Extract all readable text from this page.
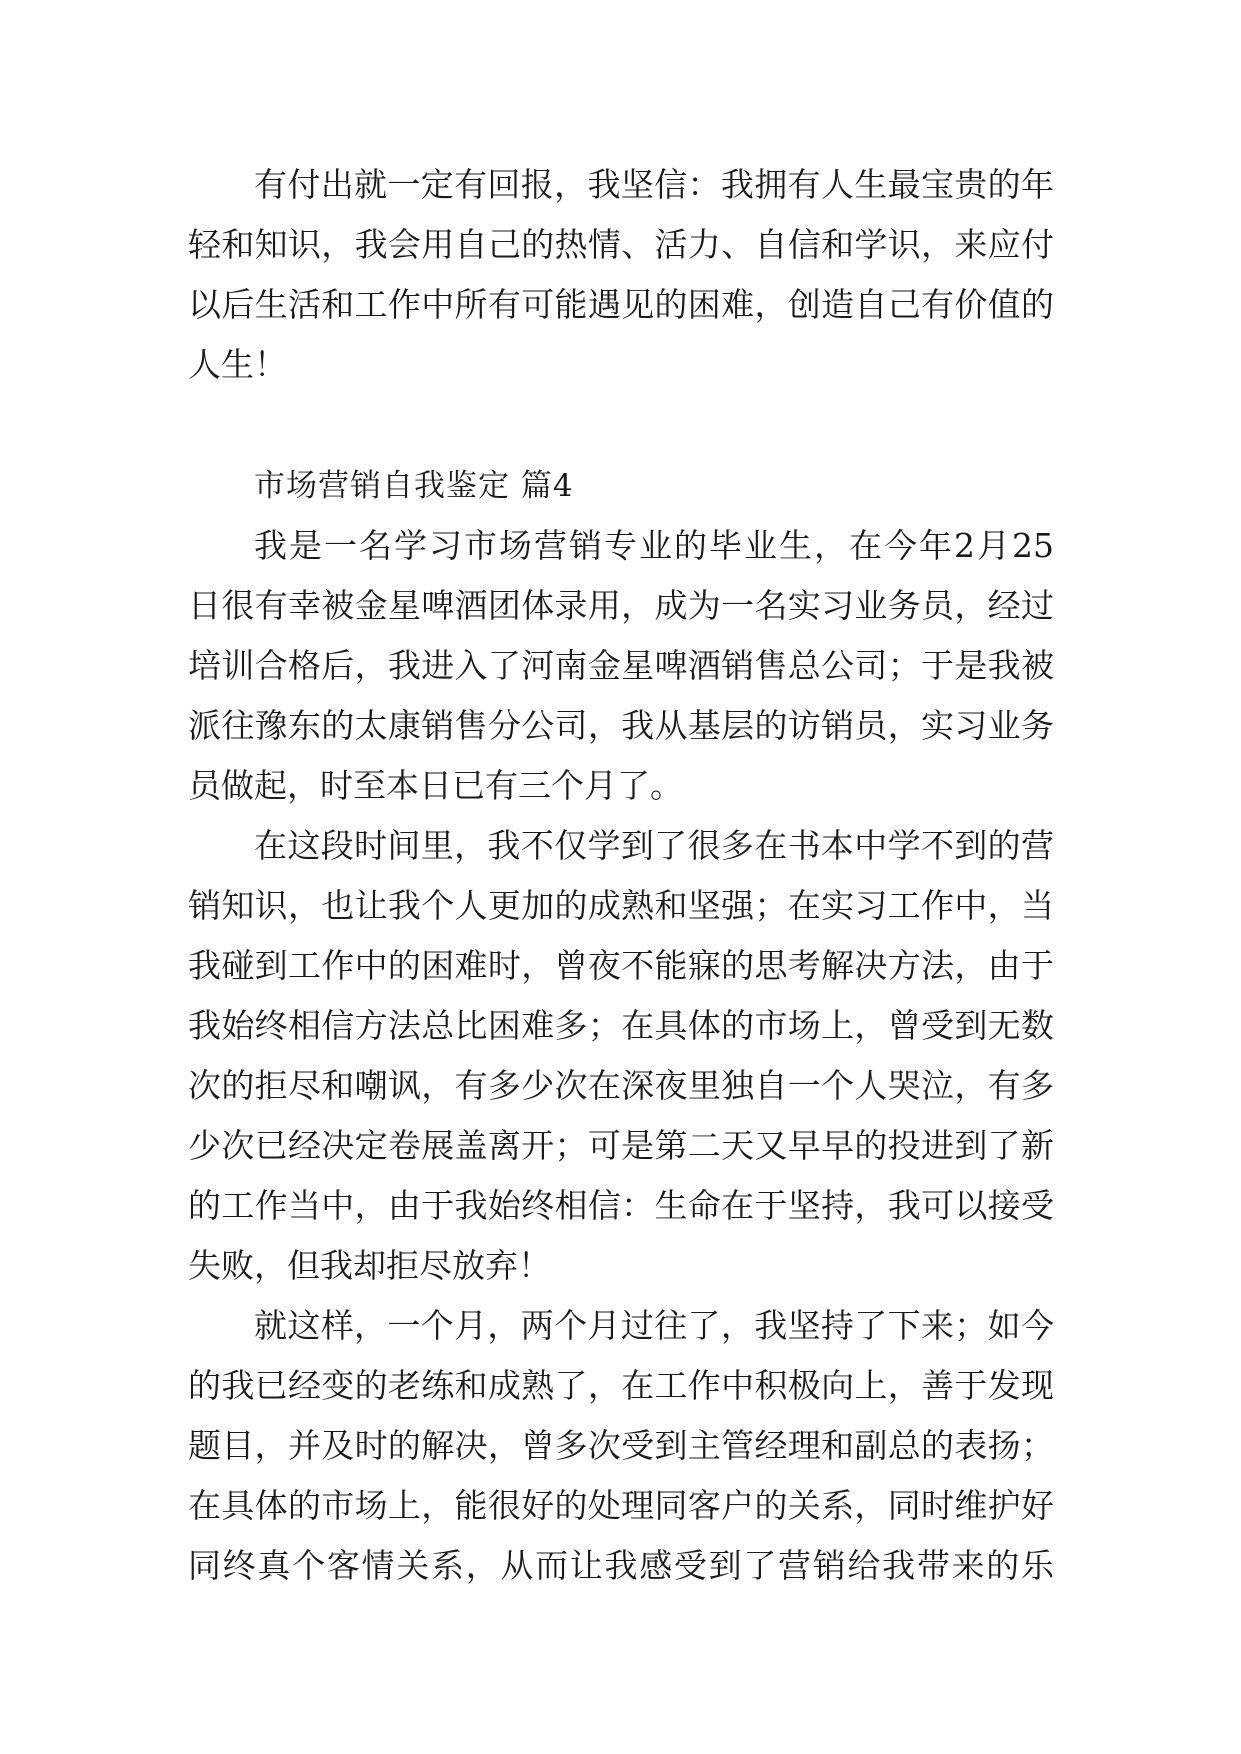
有付出就一定有回报，我坚信：我拥有人生最宝贵的年
轻和知识，我会用自己的热情、活力、自信和学识，来应付
以后生活和工作中所有可能遇见的困难，创造自己有价值的
人生！
市场营销自我鉴定 篇4
我是一名学习市场营销专业的毕业生，在今年2月25
日很有幸被金星啤酒团体录用，成为一名实习业务员，经过
培训合格后，我进入了河南金星啤酒销售总公司；于是我被
派往豫东的太康销售分公司，我从基层的访销员，实习业务
员做起，时至本日已有三个月了。
在这段时间里，我不仅学到了很多在书本中学不到的营
销知识，也让我个人更加的成熟和坚强；在实习工作中，当
我碰到工作中的困难时，曾夜不能寐的思考解决方法，由于
我始终相信方法总比困难多；在具体的市场上，曾受到无数
次的拒尽和嘲讽，有多少次在深夜里独自一个人哭泣，有多
少次已经决定卷展盖离开；可是第二天又早早的投进到了新
的工作当中，由于我始终相信：生命在于坚持，我可以接受
失败，但我却拒尽放弃！
就这样，一个月，两个月过往了，我坚持了下来；如今
的我已经变的老练和成熟了，在工作中积极向上，善于发现
题目，并及时的解决，曾多次受到主管经理和副总的表扬；
在具体的市场上，能很好的处理同客户的关系，同时维护好
同终真个客情关系，从而让我感受到了营销给我带来的乐
